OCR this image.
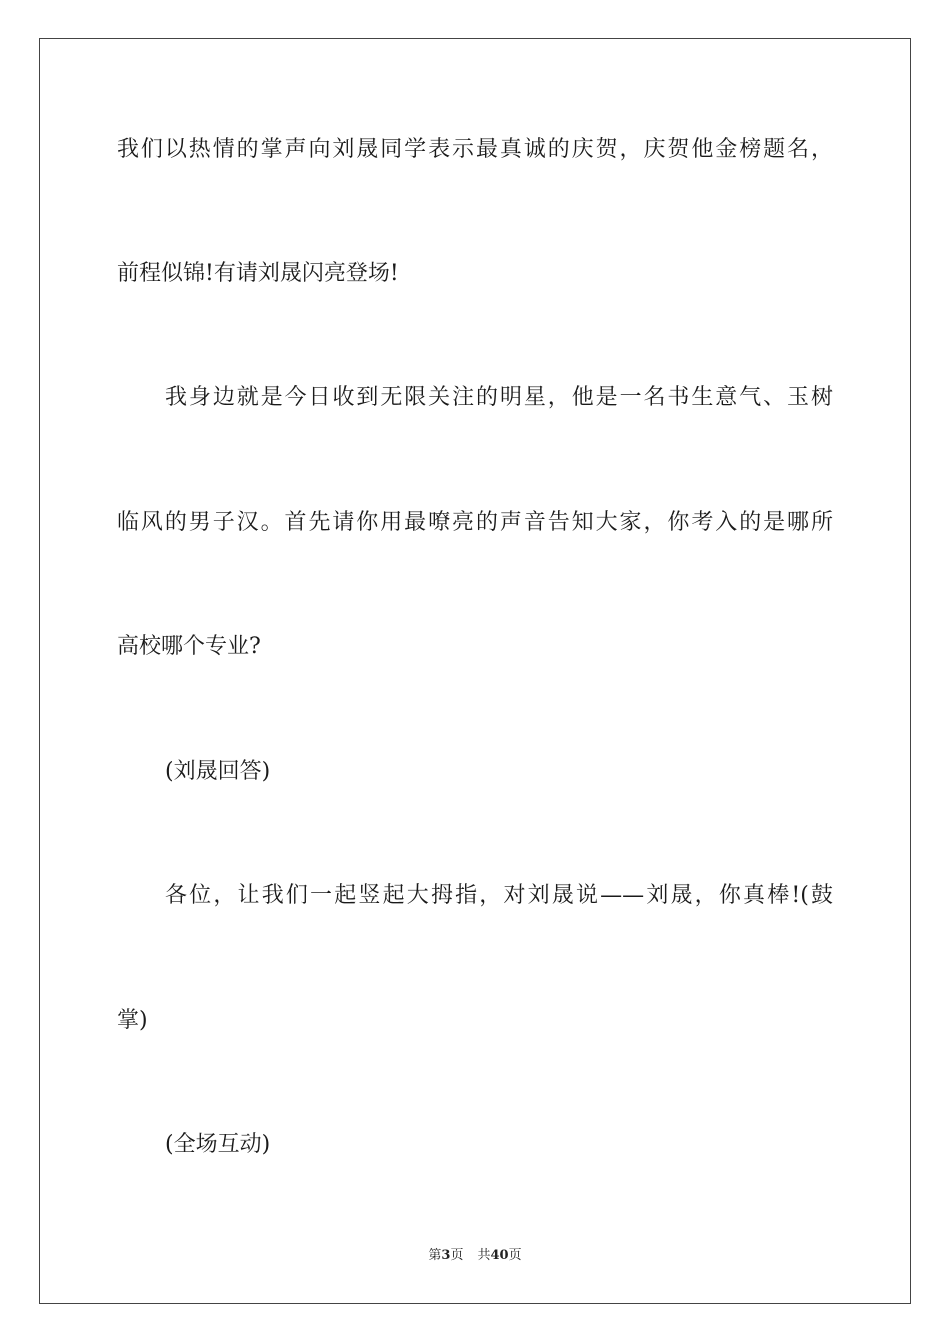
我们以热情的掌声向刘晟同学表示最真诚的庆贺，庆贺他金榜题名，
前程似锦!有请刘晟闪亮登场!
我身边就是今日收到无限关注的明星，他是一名书生意气、玉树
临风的男子汉。首先请你用最嘹亮的声音告知大家，你考入的是哪所
高校哪个专业?
(刘晟回答)
各位，让我们一起竖起大拇指，对刘晟说——刘晟，你真棒!(鼓
掌)
(全场互动)
第3页 共40页
